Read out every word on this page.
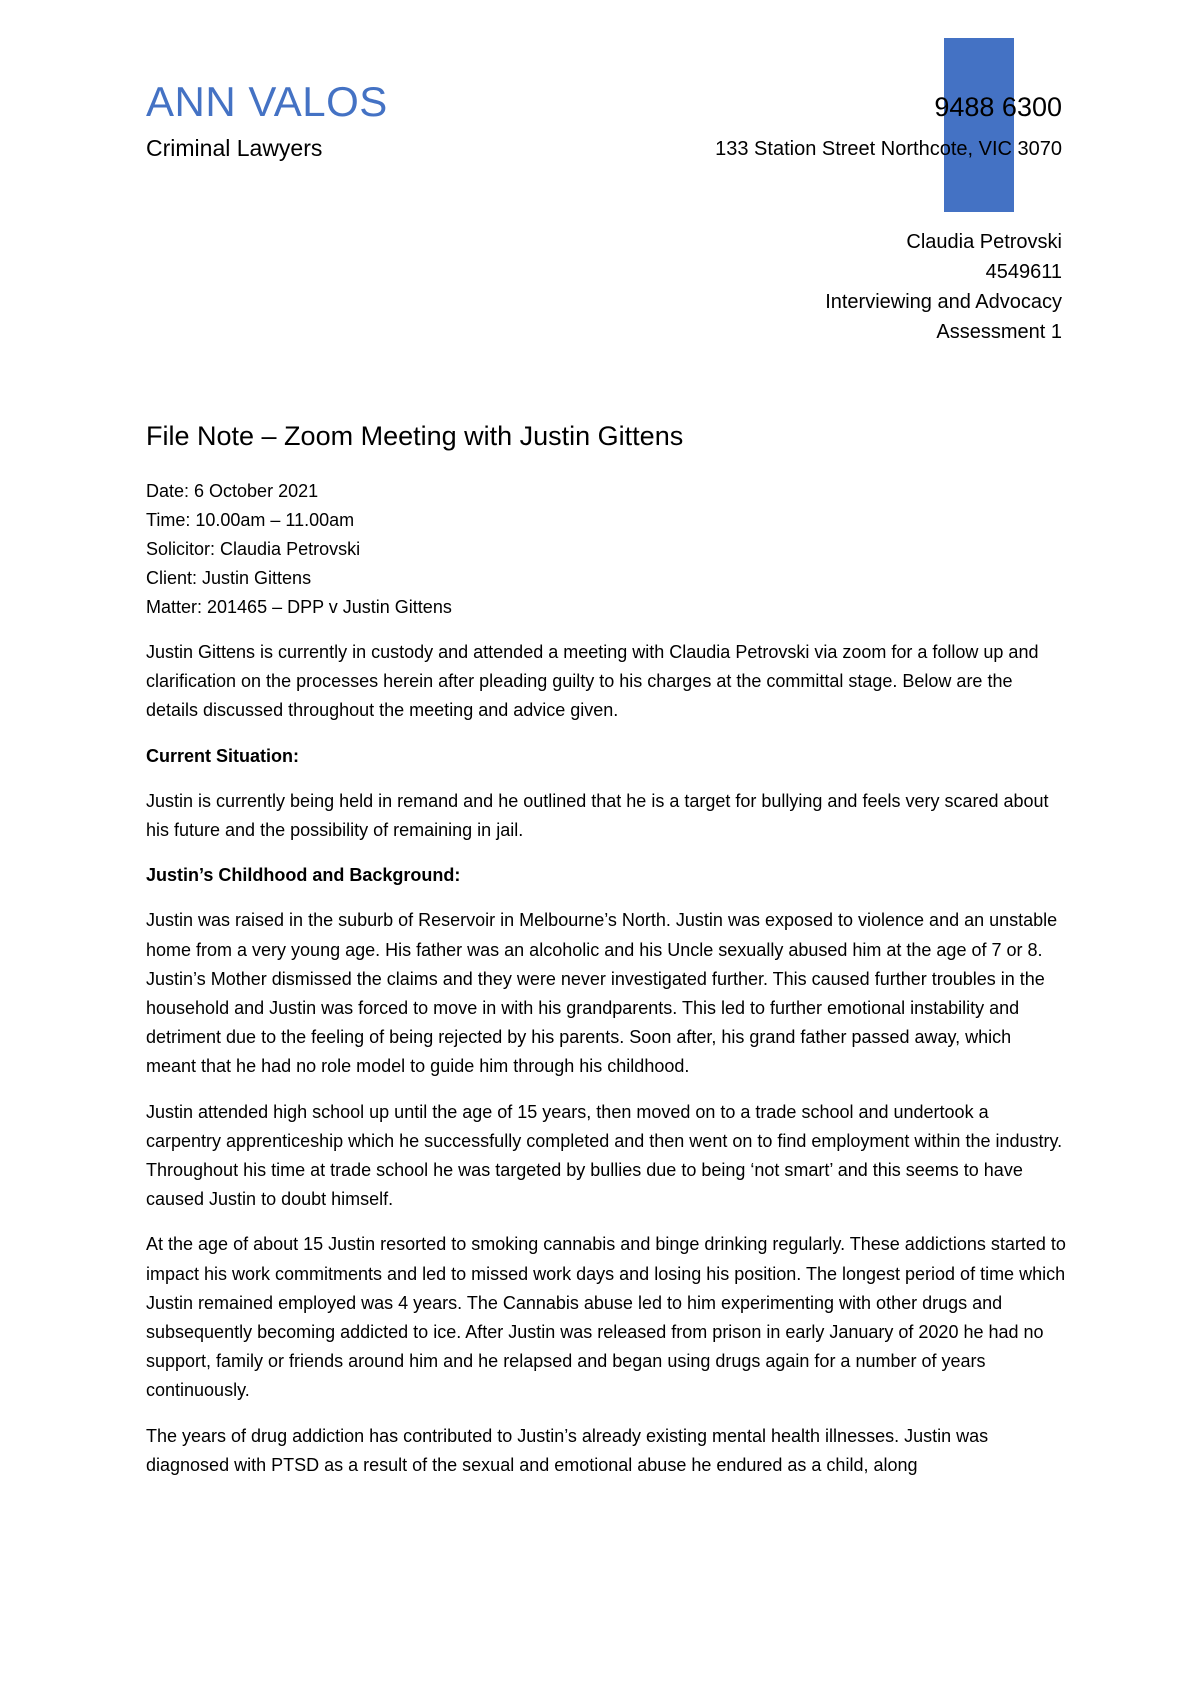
ANN VALOS
Criminal Lawyers
9488 6300
133 Station Street Northcote, VIC 3070
1
Claudia Petrovski
4549611
Interviewing and Advocacy
Assessment 1
File Note – Zoom Meeting with Justin Gittens
Date: 6 October 2021
Time: 10.00am – 11.00am
Solicitor: Claudia Petrovski
Client: Justin Gittens
Matter: 201465 – DPP v Justin Gittens

Justin Gittens is currently in custody and attended a meeting with Claudia Petrovski via zoom for a follow up and clarification on the processes herein after pleading guilty to his charges at the committal stage. Below are the details discussed throughout the meeting and advice given.

Current Situation:

Justin is currently being held in remand and he outlined that he is a target for bullying and feels very scared about his future and the possibility of remaining in jail.

Justin’s Childhood and Background:

Justin was raised in the suburb of Reservoir in Melbourne’s North. Justin was exposed to violence and an unstable home from a very young age. His father was an alcoholic and his Uncle sexually abused him at the age of 7 or 8. Justin’s Mother dismissed the claims and they were never investigated further. This caused further troubles in the household and Justin was forced to move in with his grandparents. This led to further emotional instability and detriment due to the feeling of being rejected by his parents. Soon after, his grand father passed away, which meant that he had no role model to guide him through his childhood.

Justin attended high school up until the age of 15 years, then moved on to a trade school and undertook a carpentry apprenticeship which he successfully completed and then went on to find employment within the industry. Throughout his time at trade school he was targeted by bullies due to being ‘not smart’ and this seems to have caused Justin to doubt himself.

At the age of about 15 Justin resorted to smoking cannabis and binge drinking regularly. These addictions started to impact his work commitments and led to missed work days and losing his position. The longest period of time which Justin remained employed was 4 years. The Cannabis abuse led to him experimenting with other drugs and subsequently becoming addicted to ice. After Justin was released from prison in early January of 2020 he had no support, family or friends around him and he relapsed and began using drugs again for a number of years continuously.

The years of drug addiction has contributed to Justin’s already existing mental health illnesses. Justin was diagnosed with PTSD as a result of the sexual and emotional abuse he endured as a child, along
